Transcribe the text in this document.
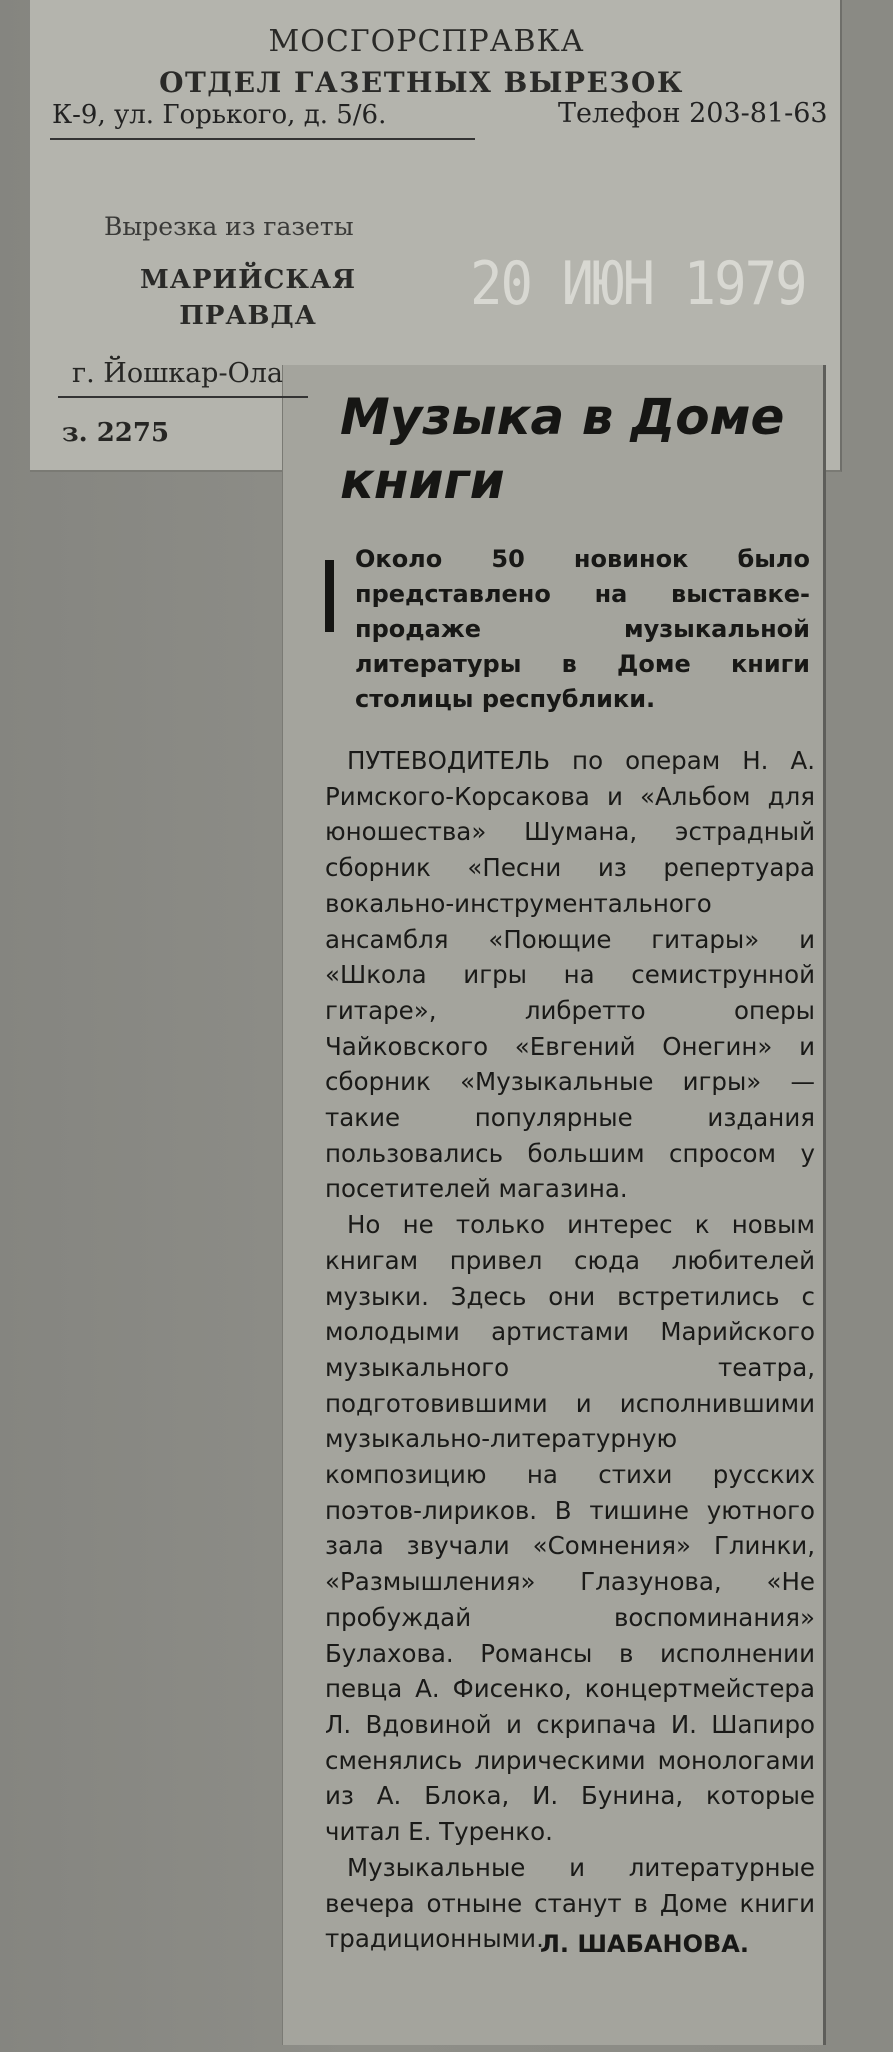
МОСГОРСПРАВКА
ОТДЕЛ ГАЗЕТНЫХ ВЫРЕЗОК
К-9, ул. Горького, д. 5/6.	Телефон 203-81-63
Вырезка из газеты
МАРИЙСКАЯ
ПРАВДА	20 ИЮН 1979
г. Йошкар-Ола
з. 2275	Музыка в Доме
книги
Около 50 новинок было представлено на выставке-продаже музыкальной литературы в Доме книги столицы республики.

ПУТЕВОДИТЕЛЬ по операм Н. А. Римского-Корсакова и «Альбом для юношества» Шумана, эстрадный сборник «Песни из репертуара вокально-инструментального ансамбля «Поющие гитары» и «Школа игры на семиструнной гитаре», либретто оперы Чайковского «Евгений Онегин» и сборник «Музыкальные игры» — такие популярные издания пользовались большим спросом у посетителей магазина.

Но не только интерес к новым книгам привел сюда любителей музыки. Здесь они встретились с молодыми артистами Марийского музыкального театра, подготовившими и исполнившими музыкально-литературную композицию на стихи русских поэтов-лириков. В тишине уютного зала звучали «Сомнения» Глинки, «Размышления» Глазунова, «Не пробуждай воспоминания» Булахова. Романсы в исполнении певца А. Фисенко, концертмейстера Л. Вдовиной и скрипача И. Шапиро сменялись лирическими монологами из А. Блока, И. Бунина, которые читал Е. Туренко.

Музыкальные и литературные вечера отныне станут в Доме книги традиционными.

Л. ШАБАНОВА.
